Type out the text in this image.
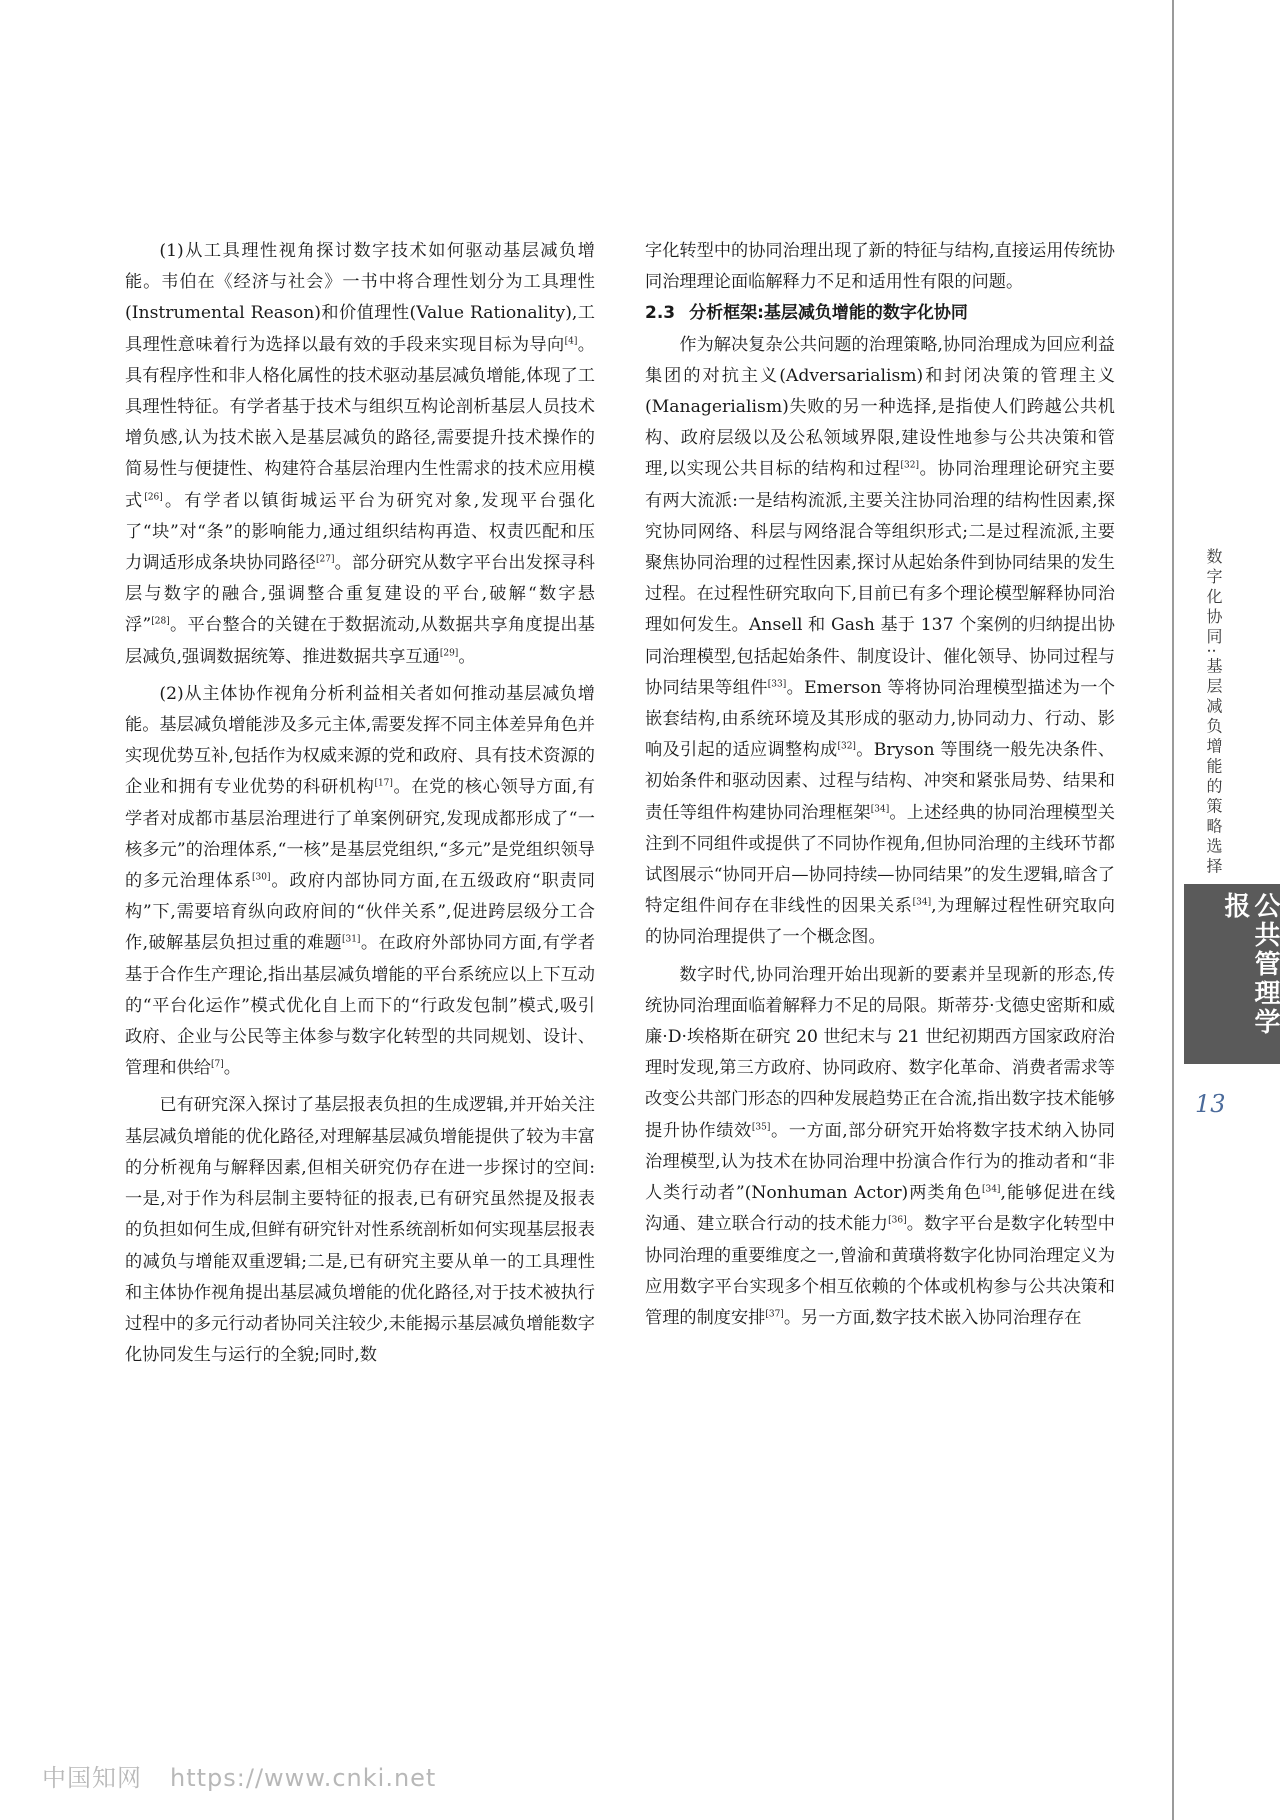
(1)从工具理性视角探讨数字技术如何驱动基层减负增能。韦伯在《经济与社会》一书中将合理性划分为工具理性(Instrumental Reason)和价值理性(Value Rationality),工具理性意味着行为选择以最有效的手段来实现目标为导向[4]。具有程序性和非人格化属性的技术驱动基层减负增能,体现了工具理性特征。有学者基于技术与组织互构论剖析基层人员技术增负感,认为技术嵌入是基层减负的路径,需要提升技术操作的简易性与便捷性、构建符合基层治理内生性需求的技术应用模式[26]。有学者以镇街城运平台为研究对象,发现平台强化了“块”对“条”的影响能力,通过组织结构再造、权责匹配和压力调适形成条块协同路径[27]。部分研究从数字平台出发探寻科层与数字的融合,强调整合重复建设的平台,破解“数字悬浮”[28]。平台整合的关键在于数据流动,从数据共享角度提出基层减负,强调数据统筹、推进数据共享互通[29]。

(2)从主体协作视角分析利益相关者如何推动基层减负增能。基层减负增能涉及多元主体,需要发挥不同主体差异角色并实现优势互补,包括作为权威来源的党和政府、具有技术资源的企业和拥有专业优势的科研机构[17]。在党的核心领导方面,有学者对成都市基层治理进行了单案例研究,发现成都形成了“一核多元”的治理体系,“一核”是基层党组织,“多元”是党组织领导的多元治理体系[30]。政府内部协同方面,在五级政府“职责同构”下,需要培育纵向政府间的“伙伴关系”,促进跨层级分工合作,破解基层负担过重的难题[31]。在政府外部协同方面,有学者基于合作生产理论,指出基层减负增能的平台系统应以上下互动的“平台化运作”模式优化自上而下的“行政发包制”模式,吸引政府、企业与公民等主体参与数字化转型的共同规划、设计、管理和供给[7]。

已有研究深入探讨了基层报表负担的生成逻辑,并开始关注基层减负增能的优化路径,对理解基层减负增能提供了较为丰富的分析视角与解释因素,但相关研究仍存在进一步探讨的空间:一是,对于作为科层制主要特征的报表,已有研究虽然提及报表的负担如何生成,但鲜有研究针对性系统剖析如何实现基层报表的减负与增能双重逻辑;二是,已有研究主要从单一的工具理性和主体协作视角提出基层减负增能的优化路径,对于技术被执行过程中的多元行动者协同关注较少,未能揭示基层减负增能数字化协同发生与运行的全貌;同时,数

字化转型中的协同治理出现了新的特征与结构,直接运用传统协同治理理论面临解释力不足和适用性有限的问题。

2.3 分析框架:基层减负增能的数字化协同

作为解决复杂公共问题的治理策略,协同治理成为回应利益集团的对抗主义(Adversarialism)和封闭决策的管理主义(Managerialism)失败的另一种选择,是指使人们跨越公共机构、政府层级以及公私领域界限,建设性地参与公共决策和管理,以实现公共目标的结构和过程[32]。协同治理理论研究主要有两大流派:一是结构流派,主要关注协同治理的结构性因素,探究协同网络、科层与网络混合等组织形式;二是过程流派,主要聚焦协同治理的过程性因素,探讨从起始条件到协同结果的发生过程。在过程性研究取向下,目前已有多个理论模型解释协同治理如何发生。Ansell 和 Gash 基于 137 个案例的归纳提出协同治理模型,包括起始条件、制度设计、催化领导、协同过程与协同结果等组件[33]。Emerson 等将协同治理模型描述为一个嵌套结构,由系统环境及其形成的驱动力,协同动力、行动、影响及引起的适应调整构成[32]。Bryson 等围绕一般先决条件、初始条件和驱动因素、过程与结构、冲突和紧张局势、结果和责任等组件构建协同治理框架[34]。上述经典的协同治理模型关注到不同组件或提供了不同协作视角,但协同治理的主线环节都试图展示“协同开启—协同持续—协同结果”的发生逻辑,暗含了特定组件间存在非线性的因果关系[34],为理解过程性研究取向的协同治理提供了一个概念图。

数字时代,协同治理开始出现新的要素并呈现新的形态,传统协同治理面临着解释力不足的局限。斯蒂芬·戈德史密斯和威廉·D·埃格斯在研究 20 世纪末与 21 世纪初期西方国家政府治理时发现,第三方政府、协同政府、数字化革命、消费者需求等改变公共部门形态的四种发展趋势正在合流,指出数字技术能够提升协作绩效[35]。一方面,部分研究开始将数字技术纳入协同治理模型,认为技术在协同治理中扮演合作行为的推动者和“非人类行动者”(Nonhuman Actor)两类角色[34],能够促进在线沟通、建立联合行动的技术能力[36]。数字平台是数字化转型中协同治理的重要维度之一,曾渝和黄璜将数字化协同治理定义为应用数字平台实现多个相互依赖的个体或机构参与公共决策和管理的制度安排[37]。另一方面,数字技术嵌入协同治理存在

数字化协同:基层减负增能的策略选择
公共管理学报
13
中国知网 https://www.cnki.net
